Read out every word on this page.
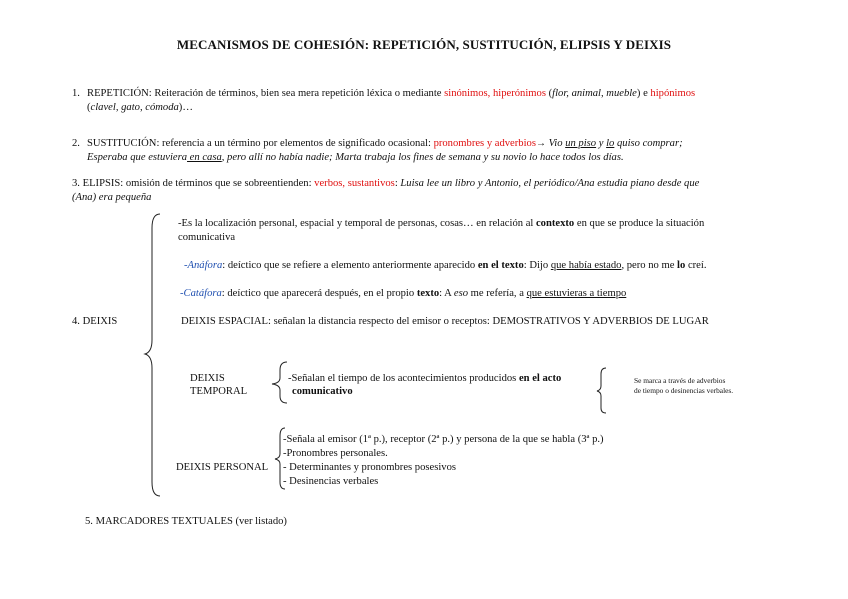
MECANISMOS DE COHESIÓN: REPETICIÓN, SUSTITUCIÓN, ELIPSIS Y DEIXIS
1. REPETICIÓN: Reiteración de términos, bien sea mera repetición léxica o mediante sinónimos, hiperónimos (flor, animal, mueble) e hipónimos
(clavel, gato, cómoda)…
2. SUSTITUCIÓN: referencia a un término por elementos de significado ocasional: pronombres y adverbios→ Vio un piso y lo quiso comprar;
Esperaba que estuviera en casa, pero allí no había nadie; Marta trabaja los fines de semana y su novio lo hace todos los días.
3. ELIPSIS: omisión de términos que se sobreentienden: verbos, sustantivos: Luisa lee un libro y Antonio, el periódico/Ana estudia piano desde que
(Ana) era pequeña
4. DEIXIS
-Es la localización personal, espacial y temporal de personas, cosas… en relación al contexto en que se produce la situación
comunicativa
-Anáfora: deíctico que se refiere a elemento anteriormente aparecido en el texto: Dijo que había estado, pero no me lo creí.
-Catáfora: deíctico que aparecerá después, en el propio texto: A eso me refería, a que estuvieras a tiempo
DEIXIS ESPACIAL: señalan la distancia respecto del emisor o receptos: DEMOSTRATIVOS Y ADVERBIOS DE LUGAR
DEIXIS
TEMPORAL
-Señalan el tiempo de los acontecimientos producidos en el acto
comunicativo
Se marca a través de adverbios de tiempo o desinencias verbales.
DEIXIS PERSONAL
-Señala al emisor (1ª p.), receptor (2ª p.) y persona de la que se habla (3ª p.)
-Pronombres personales.
- Determinantes y pronombres posesivos
- Desinencias verbales
5. MARCADORES TEXTUALES (ver listado)
